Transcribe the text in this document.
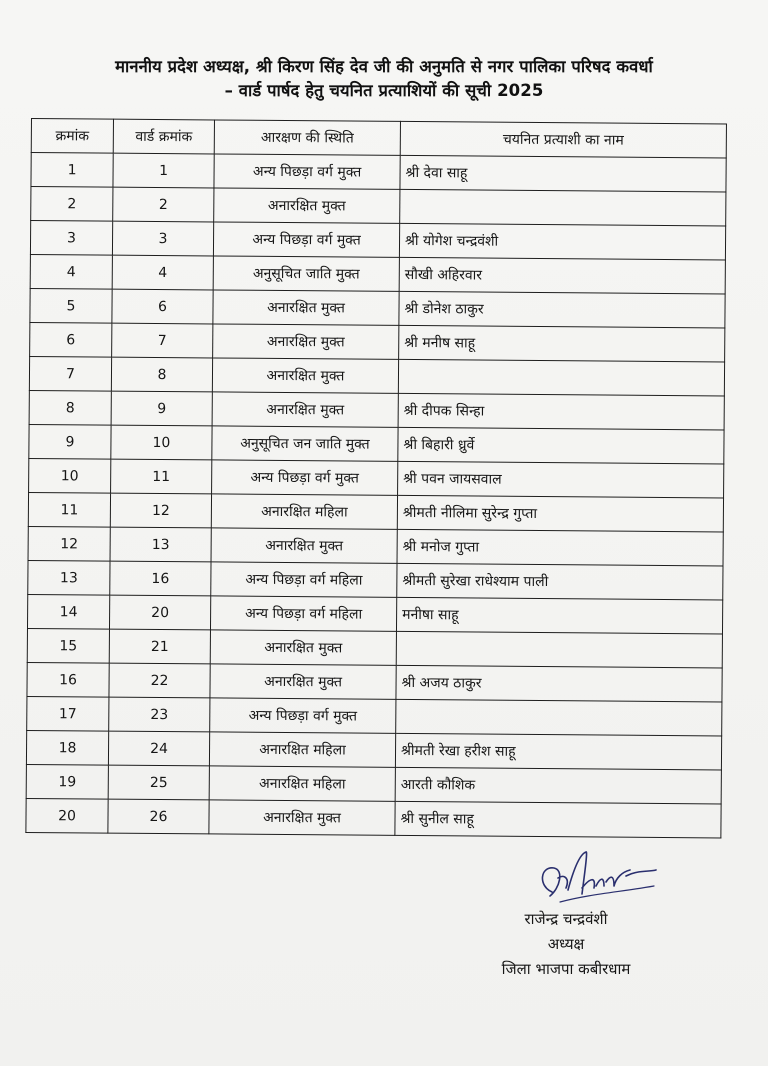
माननीय प्रदेश अध्यक्ष, श्री किरण सिंह देव जी की अनुमति से नगर पालिका परिषद कवर्धा
– वार्ड पार्षद हेतु चयनित प्रत्याशियों की सूची 2025
क्रमांक	वार्ड क्रमांक	आरक्षण की स्थिति	चयनित प्रत्याशी का नाम
1	1	अन्य पिछड़ा वर्ग मुक्त	श्री देवा साहू
2	2	अनारक्षित मुक्त	
3	3	अन्य पिछड़ा वर्ग मुक्त	श्री योगेश चन्द्रवंशी
4	4	अनुसूचित जाति मुक्त	सौखी अहिरवार
5	6	अनारक्षित मुक्त	श्री डोनेश ठाकुर
6	7	अनारक्षित मुक्त	श्री मनीष साहू
7	8	अनारक्षित मुक्त	
8	9	अनारक्षित मुक्त	श्री दीपक सिन्हा
9	10	अनुसूचित जन जाति मुक्त	श्री बिहारी ध्रुर्वे
10	11	अन्य पिछड़ा वर्ग मुक्त	श्री पवन जायसवाल
11	12	अनारक्षित महिला	श्रीमती नीलिमा सुरेन्द्र गुप्ता
12	13	अनारक्षित मुक्त	श्री मनोज गुप्ता
13	16	अन्य पिछड़ा वर्ग महिला	श्रीमती सुरेखा राधेश्याम पाली
14	20	अन्य पिछड़ा वर्ग महिला	मनीषा साहू
15	21	अनारक्षित मुक्त	
16	22	अनारक्षित मुक्त	श्री अजय ठाकुर
17	23	अन्य पिछड़ा वर्ग मुक्त	
18	24	अनारक्षित महिला	श्रीमती रेखा हरीश साहू
19	25	अनारक्षित महिला	आरती कौशिक
20	26	अनारक्षित मुक्त	श्री सुनील साहू
राजेन्द्र चन्द्रवंशी
अध्यक्ष
जिला भाजपा कबीरधाम
